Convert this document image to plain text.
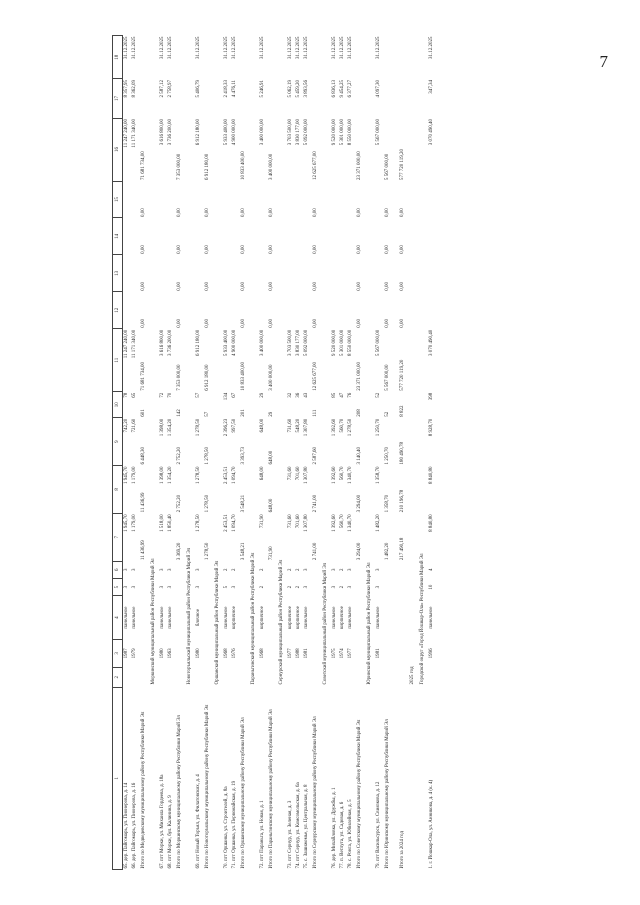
7
1	2	3	4	5	6	7	8	9	10	11	12	13	14	15	16	17	18
65. дер. Пайгомарь, ул. Пионерова, д. 14		1987	панельное	3	3	1 945,70	1 945,70	742,20	78	11 247 240,00					11 247 240,00	8 357,95	31.12.2025
66. дер. Пайгомарь, ул. Пионерова, д. 16		1979	панельное	3	3	1 179,00	1 179,00	721,60	65	11 171 340,00					11 171 340,00	8 362,09	31.12.2025
Итого по Медведевскому муниципальному району Республики Марий Эл						11 436,99	11 436,99	6 448,30	601	71 681 734,00	0,00	0,00	0,00	0,00	71 681 734,00		
Моркинский муниципальный район Республики Марий Эл																	
67. пгт Морки, ул. Михаила Гордеева, д. 18а		1980	панельное	3	3	1 518,00	1 398,00	1 398,00	72	3 616 800,00					3 616 800,00	2 587,12	31.12.2025
68. пгт Морки, бул. Калинина, д. 9		1963	панельное	3	3	1 850,40	1 354,20	1 354,20	70	3 736 200,00					3 736 200,00	2 758,97	31.12.2025
Итого по Моркинскому муниципальному району Республики Марий Эл						3 369,20	2 752,20	2 752,20	142	7 353 000,00	0,00	0,00	0,00	0,00	7 353 000,00		
Новоторъяльский муниципальный район Республики Марий Эл																	
69. пгт Новый Торъял, ул. Филатовских, д. 4		1980	блочное	3	3	1 278,50	1 278,50	1 278,50	57	6 912 180,00					6 912 180,00	5 406,79	31.12.2025
Итого по Новоторъяльскому муниципальному району Республики Марий Эл						1 278,50	1 278,50	1 278,50	57	6 912 180,00	0,00	0,00	0,00	0,00	6 912 180,00		
Оршанский муниципальный район Республики Марий Эл																	
70. пгт Оршанка, ул. Строителей, д. 8а		1968	панельное	5	2	2 453,51	2 453,51	2 396,23	134	5 933 400,00					5 933 400,00	2 418,33	31.12.2025
71. пгт Оршанка, ул. Первомайская, д. 19		1976	кирпичное	3	2	1 094,70	1 094,70	997,50	67	4 900 000,00					4 900 000,00	4 476,11	31.12.2025
Итого по Оршанскому муниципальному району Республики Марий Эл						3 548,21	3 548,21	3 393,73	201	10 833 400,00	0,00	0,00	0,00	0,00	10 833 400,00		
Параньгинский муниципальный район Республики Марий Эл																	
72. пгт Параньга, ул. Новая, д. 1		1968	кирпичное	2	2	731,90	648,00	648,00	29	3 400 000,00					3 400 000,00	5 246,91	31.12.2025
Итого по Параньгинскому муниципальному району Республики Марий Эл						731,90	648,00	648,00	29	3 400 000,00	0,00	0,00	0,00	0,00	3 400 000,00		
Сернурский муниципальный район Республики Марий Эл																	
73. пгт Сернур, ул. Зеленая, д. 3		1977	кирпичное	2	2	731,60	731,60	731,60	32	3 703 500,00					3 703 500,00	5 062,19	31.12.2025
74. пгт Сернур, ул. Комсомольская, д. 6а		1988	кирпичное	2	2	701,60	701,60	548,20	36	3 830 177,00					3 830 177,00	5 459,20	31.12.2025
75. с. Зашижемье, ул. Центральная, д. 8		1981	панельное	3	3	1 307,80	1 307,80	1 307,80	43	5 092 000,00					5 092 000,00	3 893,56	31.12.2025
Итого по Сернурскому муниципальному району Республики Марий Эл						2 741,00	2 741,00	2 587,60	111	12 625 677,00	0,00	0,00	0,00	0,00	12 625 677,00		
Советский муниципальный район Республики Марий Эл																	
76. дер. Михайловка, ул. Дружбы, д. 1		1975	панельное	3	3	1 392,60	1 392,60	1 392,60	85	9 520 000,00					9 520 000,00	6 836,13	31.12.2025
77. п. Ветлуга, ул. Садовая, д. 6		1974	кирпичное	2	2	560,70	560,70	560,70	47	5 301 000,00					5 301 000,00	9 454,25	31.12.2025
78. с. Ронга, ул. Юбилейная, д. 5		1977	панельное	3	3	1 340,70	1 340,70	1 278,50	76	8 550 000,00					8 550 000,00	6 377,27	31.12.2025
Итого по Советскому муниципальному району Республики Марий Эл						3 294,00	3 294,00	3 140,40	208	23 371 000,00	0,00	0,00	0,00	0,00	23 371 000,00		
Юринский муниципальный район Республики Марий Эл																	
79. пгт Васильсурск, ул. Свиязкова, д. 12		1981	панельное	3	3	1 482,20	1 358,70	1 250,70	52	5 567 000,00					5 567 000,00	4 097,30	31.12.2025
Итого по Юринскому муниципальному району Республики Марий Эл						1 482,20	1 358,70	1 250,70	52	5 567 000,00	0,00	0,00	0,00	0,00	5 567 000,00		

Итого за 2024 год						217 490,18	210 196,78	180 490,78	8 822	577 720 119,20	0,00	0,00	0,00	0,00	577 720 119,20		
2025 год																	
Городской округ «Город Йошкар-Ола» Республики Марий Эл																	
1. г. Йошкар-Ола, ул. Анникова, д. 4 (к. 4)		1996	панельное	10	4	8 840,80	8 840,80	8 928,70	398	3 070 490,40					3 070 490,40	347,34	31.12.2025
